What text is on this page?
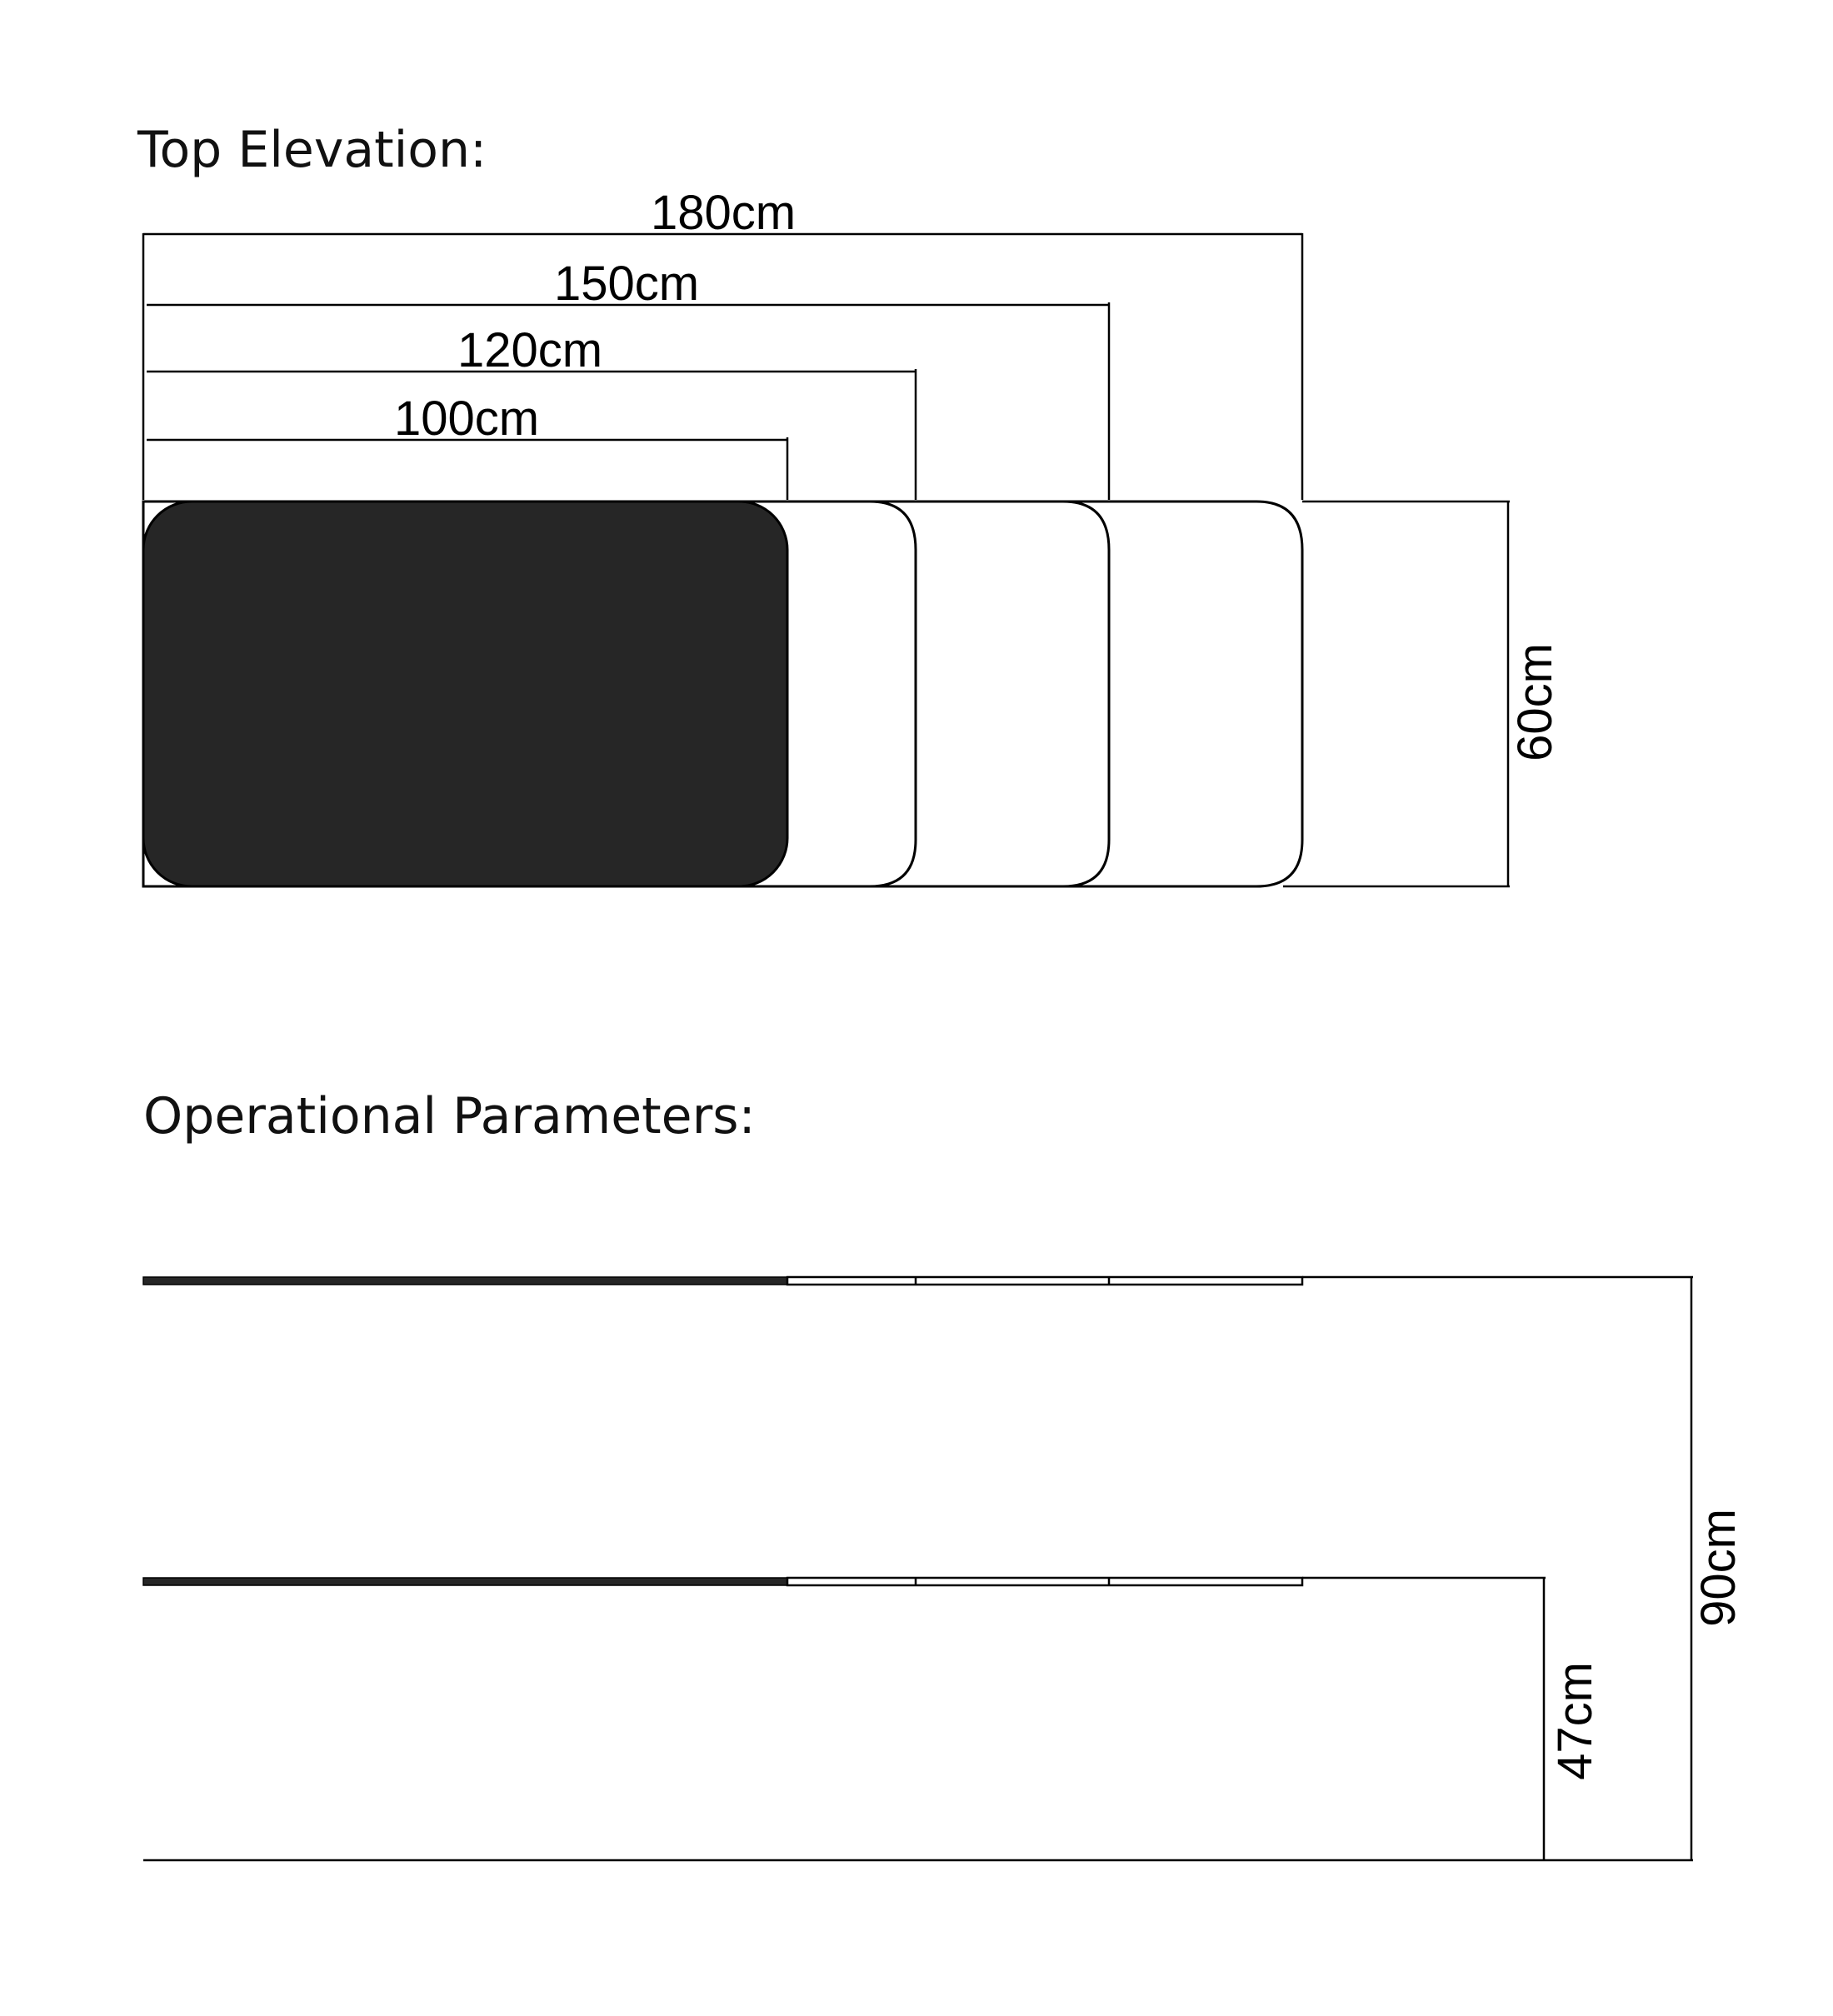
Top Elevation:
180cm
150cm
120cm
100cm
60cm
Operational Parameters:
90cm
47cm
